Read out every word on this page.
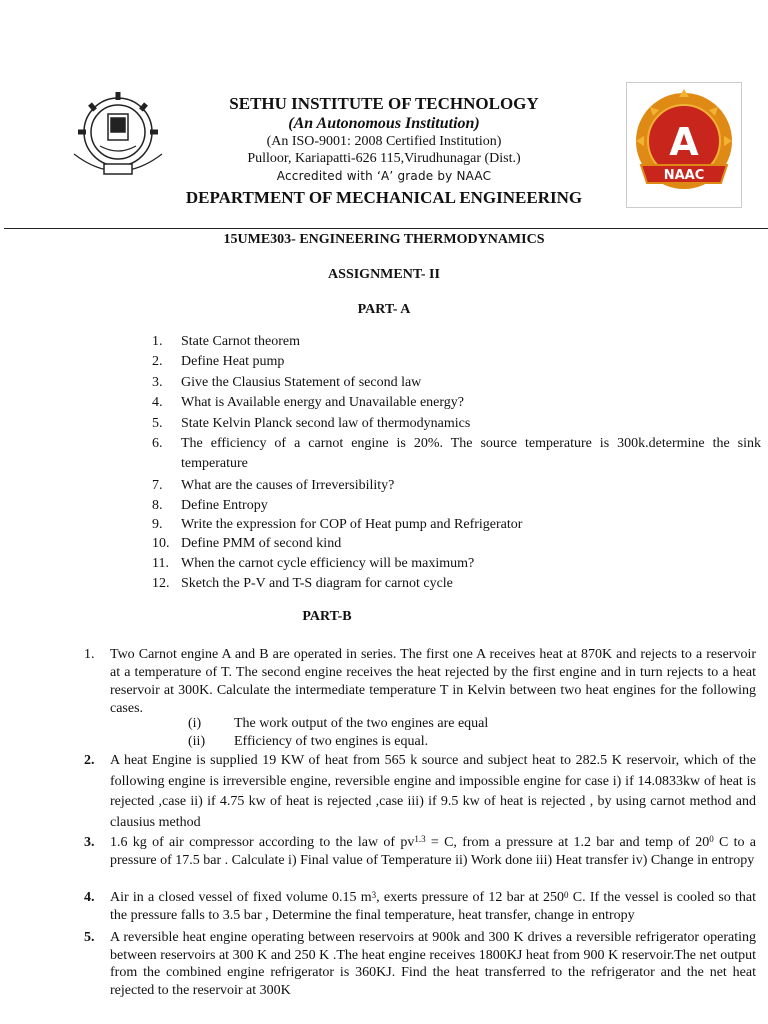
SETHU INSTITUTE OF TECHNOLOGY
(An Autonomous Institution)
(An ISO-9001: 2008 Certified Institution)
Pulloor, Kariapatti-626 115,Virudhunagar (Dist.)
Accredited with ‘A’ grade by NAAC
DEPARTMENT OF MECHANICAL ENGINEERING
A
NAAC
15UME303- ENGINEERING THERMODYNAMICS
ASSIGNMENT- II
PART- A
1.	State Carnot theorem
2.	Define Heat pump
3.	Give the Clausius Statement of second law
4.	What is Available energy and Unavailable energy?
5.	State Kelvin Planck second law of thermodynamics
6.	The efficiency of a carnot engine is 20%. The source temperature is 300k.determine the sink temperature
7.	What are the causes of Irreversibility?
8.	Define Entropy
9.	Write the expression for COP of Heat pump and Refrigerator
10. Define PMM of second kind
11. When the carnot cycle efficiency will be maximum?
12. Sketch the P-V and T-S diagram for carnot cycle
PART-B
1.	Two Carnot engine A and B are operated in series. The first one A receives heat at 870K and rejects to a reservoir at a temperature of T. The second engine receives the heat rejected by the first engine and in turn rejects to a heat reservoir at 300K. Calculate the intermediate temperature T in Kelvin between two heat engines for the following cases.
(i) The work output of the two engines are equal
(ii) Efficiency of two engines is equal.
2.	A heat Engine is supplied 19 KW of heat from 565 k source and subject heat to 282.5 K reservoir, which of the following engine is irreversible engine, reversible engine and impossible engine for case i) if 14.0833kw of heat is rejected ,case ii) if 4.75 kw of heat is rejected ,case iii) if 9.5 kw of heat is rejected , by using carnot method and clausius method
3.	1.6 kg of air compressor according to the law of $pv^{1.3} = C$, from a pressure at 1.2 bar and temp of $20^0$ C to a pressure of 17.5 bar . Calculate i) Final value of Temperature ii) Work done iii) Heat transfer iv) Change in entropy
4.	Air in a closed vessel of fixed volume 0.15 $m^3$, exerts pressure of 12 bar at $250^0$ C. If the vessel is cooled so that the pressure falls to 3.5 bar , Determine the final temperature, heat transfer, change in entropy
5.	A reversible heat engine operating between reservoirs at 900k and 300 K drives a reversible refrigerator operating between reservoirs at 300 K and 250 K .The heat engine receives 1800KJ heat from 900 K reservoir.The net output from the combined engine refrigerator is 360KJ. Find the heat transferred to the refrigerator and the net heat rejected to the reservoir at 300K
